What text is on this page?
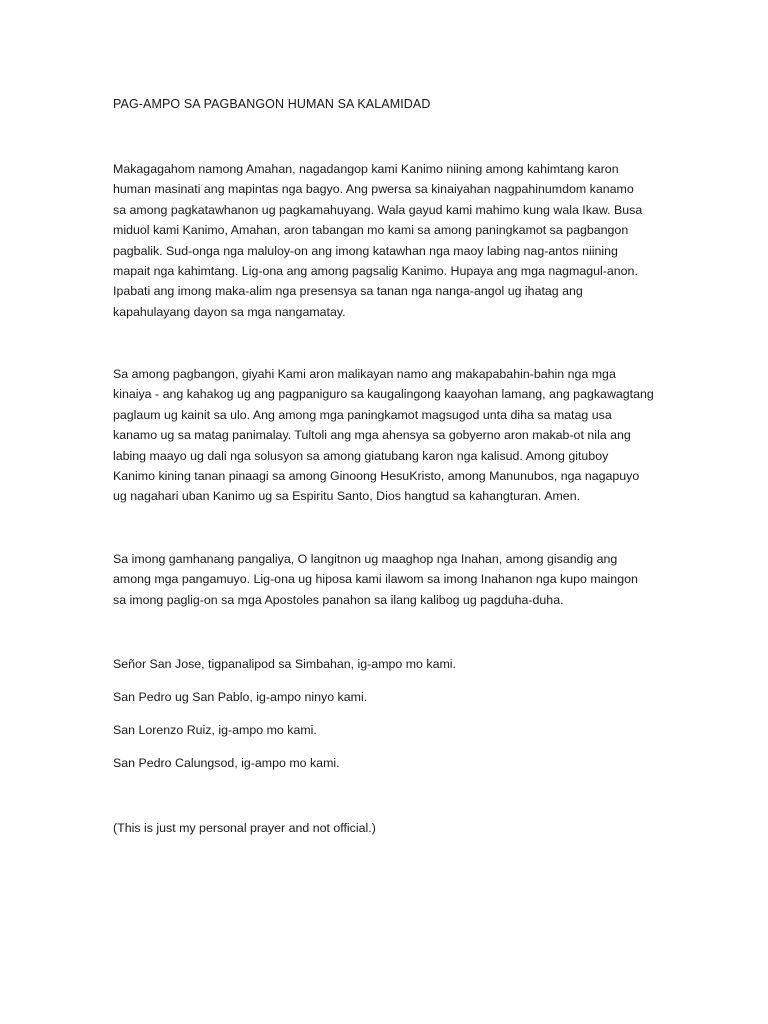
PAG-AMPO SA PAGBANGON HUMAN SA KALAMIDAD

Makagagahom namong Amahan, nagadangop kami Kanimo niining among kahimtang karon
human masinati ang mapintas nga bagyo. Ang pwersa sa kinaiyahan nagpahinumdom kanamo
sa among pagkatawhanon ug pagkamahuyang. Wala gayud kami mahimo kung wala Ikaw. Busa
miduol kami Kanimo, Amahan, aron tabangan mo kami sa among paningkamot sa pagbangon
pagbalik. Sud-onga nga maluloy-on ang imong katawhan nga maoy labing nag-antos niining
mapait nga kahimtang. Lig-ona ang among pagsalig Kanimo. Hupaya ang mga nagmagul-anon.
Ipabati ang imong maka-alim nga presensya sa tanan nga nanga-angol ug ihatag ang
kapahulayang dayon sa mga nangamatay.

Sa among pagbangon, giyahi Kami aron malikayan namo ang makapabahin-bahin nga mga
kinaiya - ang kahakog ug ang pagpaniguro sa kaugalingong kaayohan lamang, ang pagkawagtang
paglaum ug kainit sa ulo. Ang among mga paningkamot magsugod unta diha sa matag usa
kanamo ug sa matag panimalay. Tultoli ang mga ahensya sa gobyerno aron makab-ot nila ang
labing maayo ug dali nga solusyon sa among giatubang karon nga kalisud. Among gituboy
Kanimo kining tanan pinaagi sa among Ginoong HesuKristo, among Manunubos, nga nagapuyo
ug nagahari uban Kanimo ug sa Espiritu Santo, Dios hangtud sa kahangturan. Amen.

Sa imong gamhanang pangaliya, O langitnon ug maaghop nga Inahan, among gisandig ang
among mga pangamuyo. Lig-ona ug hiposa kami ilawom sa imong Inahanon nga kupo maingon
sa imong paglig-on sa mga Apostoles panahon sa ilang kalibog ug pagduha-duha.

Señor San Jose, tigpanalipod sa Simbahan, ig-ampo mo kami.
San Pedro ug San Pablo, ig-ampo ninyo kami.
San Lorenzo Ruiz, ig-ampo mo kami.
San Pedro Calungsod, ig-ampo mo kami.
(This is just my personal prayer and not official.)
